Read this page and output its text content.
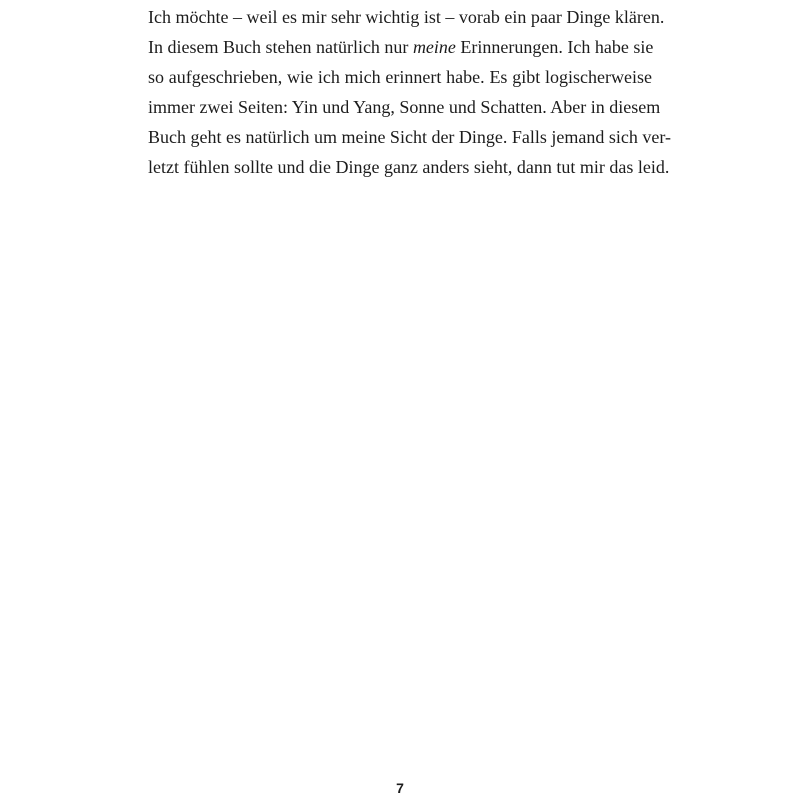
Ich möchte – weil es mir sehr wichtig ist – vorab ein paar Dinge klären.
In diesem Buch stehen natürlich nur meine Erinnerungen. Ich habe sie
so aufgeschrieben, wie ich mich erinnert habe. Es gibt logischerweise
immer zwei Seiten: Yin und Yang, Sonne und Schatten. Aber in diesem
Buch geht es natürlich um meine Sicht der Dinge. Falls jemand sich ver-
letzt fühlen sollte und die Dinge ganz anders sieht, dann tut mir das leid.
7
